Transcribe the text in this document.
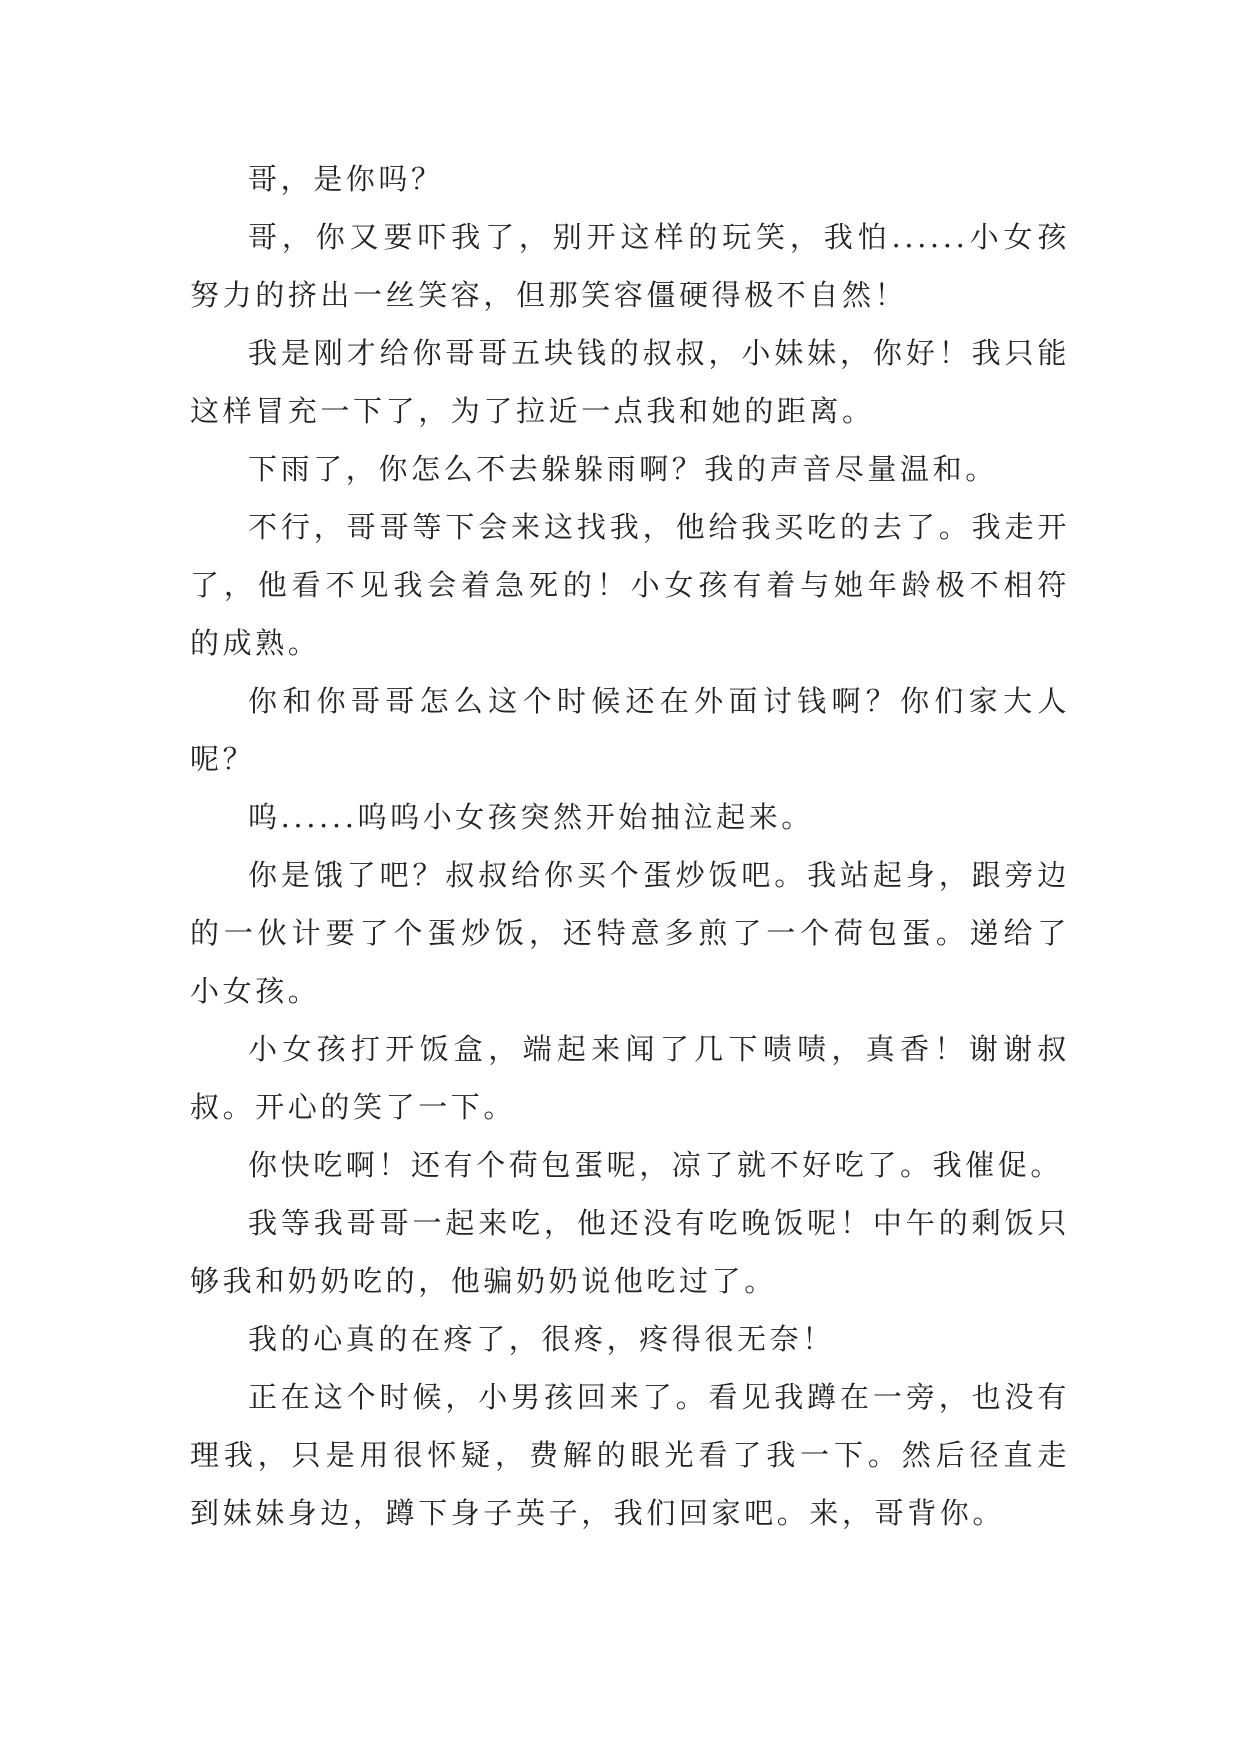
哥，是你吗？

哥，你又要吓我了，别开这样的玩笑，我怕......小女孩努力的挤出一丝笑容，但那笑容僵硬得极不自然！

我是刚才给你哥哥五块钱的叔叔，小妹妹，你好！我只能这样冒充一下了，为了拉近一点我和她的距离。

下雨了，你怎么不去躲躲雨啊？我的声音尽量温和。

不行，哥哥等下会来这找我，他给我买吃的去了。我走开了，他看不见我会着急死的！小女孩有着与她年龄极不相符的成熟。

你和你哥哥怎么这个时候还在外面讨钱啊？你们家大人呢？

呜......呜呜小女孩突然开始抽泣起来。

你是饿了吧？叔叔给你买个蛋炒饭吧。我站起身，跟旁边的一伙计要了个蛋炒饭，还特意多煎了一个荷包蛋。递给了小女孩。

小女孩打开饭盒，端起来闻了几下啧啧，真香！谢谢叔叔。开心的笑了一下。

你快吃啊！还有个荷包蛋呢，凉了就不好吃了。我催促。

我等我哥哥一起来吃，他还没有吃晚饭呢！中午的剩饭只够我和奶奶吃的，他骗奶奶说他吃过了。

我的心真的在疼了，很疼，疼得很无奈！

正在这个时候，小男孩回来了。看见我蹲在一旁，也没有理我，只是用很怀疑，费解的眼光看了我一下。然后径直走到妹妹身边，蹲下身子英子，我们回家吧。来，哥背你。
